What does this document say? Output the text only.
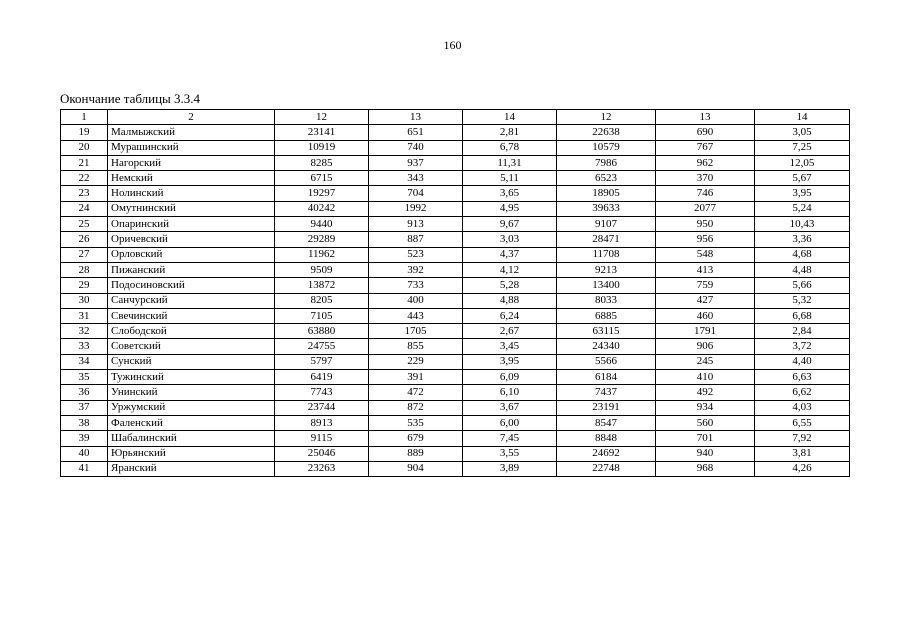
160
Окончание таблицы 3.3.4
1	2	12	13	14	12	13	14
19	Малмыжский	23141	651	2,81	22638	690	3,05
20	Мурашинский	10919	740	6,78	10579	767	7,25
21	Нагорский	8285	937	11,31	7986	962	12,05
22	Немский	6715	343	5,11	6523	370	5,67
23	Нолинский	19297	704	3,65	18905	746	3,95
24	Омутнинский	40242	1992	4,95	39633	2077	5,24
25	Опаринский	9440	913	9,67	9107	950	10,43
26	Оричевский	29289	887	3,03	28471	956	3,36
27	Орловский	11962	523	4,37	11708	548	4,68
28	Пижанский	9509	392	4,12	9213	413	4,48
29	Подосиновский	13872	733	5,28	13400	759	5,66
30	Санчурский	8205	400	4,88	8033	427	5,32
31	Свечинский	7105	443	6,24	6885	460	6,68
32	Слободской	63880	1705	2,67	63115	1791	2,84
33	Советский	24755	855	3,45	24340	906	3,72
34	Сунский	5797	229	3,95	5566	245	4,40
35	Тужинский	6419	391	6,09	6184	410	6,63
36	Унинский	7743	472	6,10	7437	492	6,62
37	Уржумский	23744	872	3,67	23191	934	4,03
38	Фаленский	8913	535	6,00	8547	560	6,55
39	Шабалинский	9115	679	7,45	8848	701	7,92
40	Юрьянский	25046	889	3,55	24692	940	3,81
41	Яранский	23263	904	3,89	22748	968	4,26
